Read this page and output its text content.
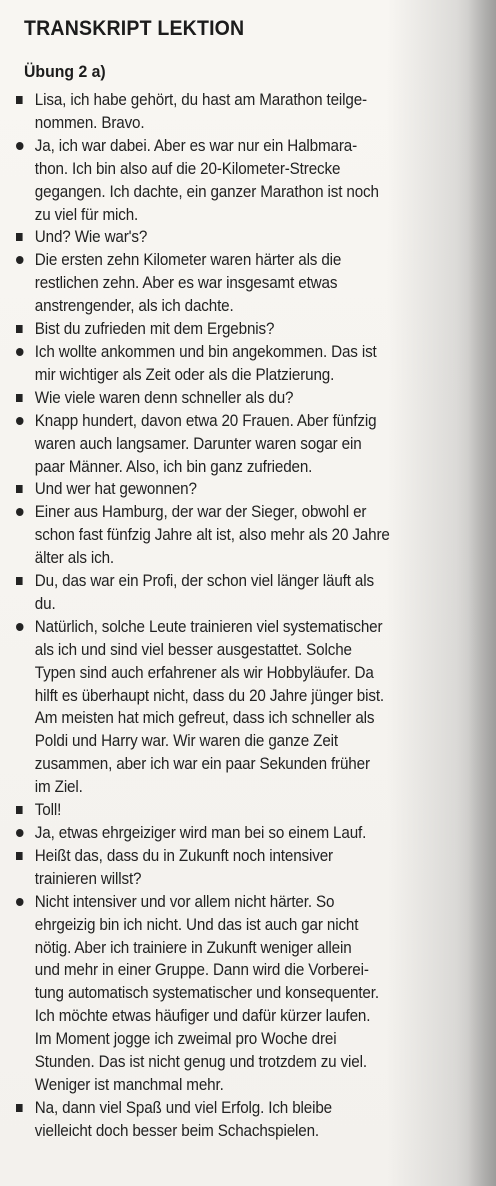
TRANSKRIPT LEKTION
Übung 2 a)
Lisa, ich habe gehört, du hast am Marathon teilge-
nommen. Bravo.
Ja, ich war dabei. Aber es war nur ein Halbmara-
thon. Ich bin also auf die 20-Kilometer-Strecke
gegangen. Ich dachte, ein ganzer Marathon ist noch
zu viel für mich.
Und? Wie war's?
Die ersten zehn Kilometer waren härter als die
restlichen zehn. Aber es war insgesamt etwas
anstrengender, als ich dachte.
Bist du zufrieden mit dem Ergebnis?
Ich wollte ankommen und bin angekommen. Das ist
mir wichtiger als Zeit oder als die Platzierung.
Wie viele waren denn schneller als du?
Knapp hundert, davon etwa 20 Frauen. Aber fünfzig
waren auch langsamer. Darunter waren sogar ein
paar Männer. Also, ich bin ganz zufrieden.
Und wer hat gewonnen?
Einer aus Hamburg, der war der Sieger, obwohl er
schon fast fünfzig Jahre alt ist, also mehr als 20 Jahre
älter als ich.
Du, das war ein Profi, der schon viel länger läuft als
du.
Natürlich, solche Leute trainieren viel systematischer
als ich und sind viel besser ausgestattet. Solche
Typen sind auch erfahrener als wir Hobbyläufer. Da
hilft es überhaupt nicht, dass du 20 Jahre jünger bist.
Am meisten hat mich gefreut, dass ich schneller als
Poldi und Harry war. Wir waren die ganze Zeit
zusammen, aber ich war ein paar Sekunden früher
im Ziel.
Toll!
Ja, etwas ehrgeiziger wird man bei so einem Lauf.
Heißt das, dass du in Zukunft noch intensiver
trainieren willst?
Nicht intensiver und vor allem nicht härter. So
ehrgeizig bin ich nicht. Und das ist auch gar nicht
nötig. Aber ich trainiere in Zukunft weniger allein
und mehr in einer Gruppe. Dann wird die Vorberei-
tung automatisch systematischer und konsequenter.
Ich möchte etwas häufiger und dafür kürzer laufen.
Im Moment jogge ich zweimal pro Woche drei
Stunden. Das ist nicht genug und trotzdem zu viel.
Weniger ist manchmal mehr.
Na, dann viel Spaß und viel Erfolg. Ich bleibe
vielleicht doch besser beim Schachspielen.
